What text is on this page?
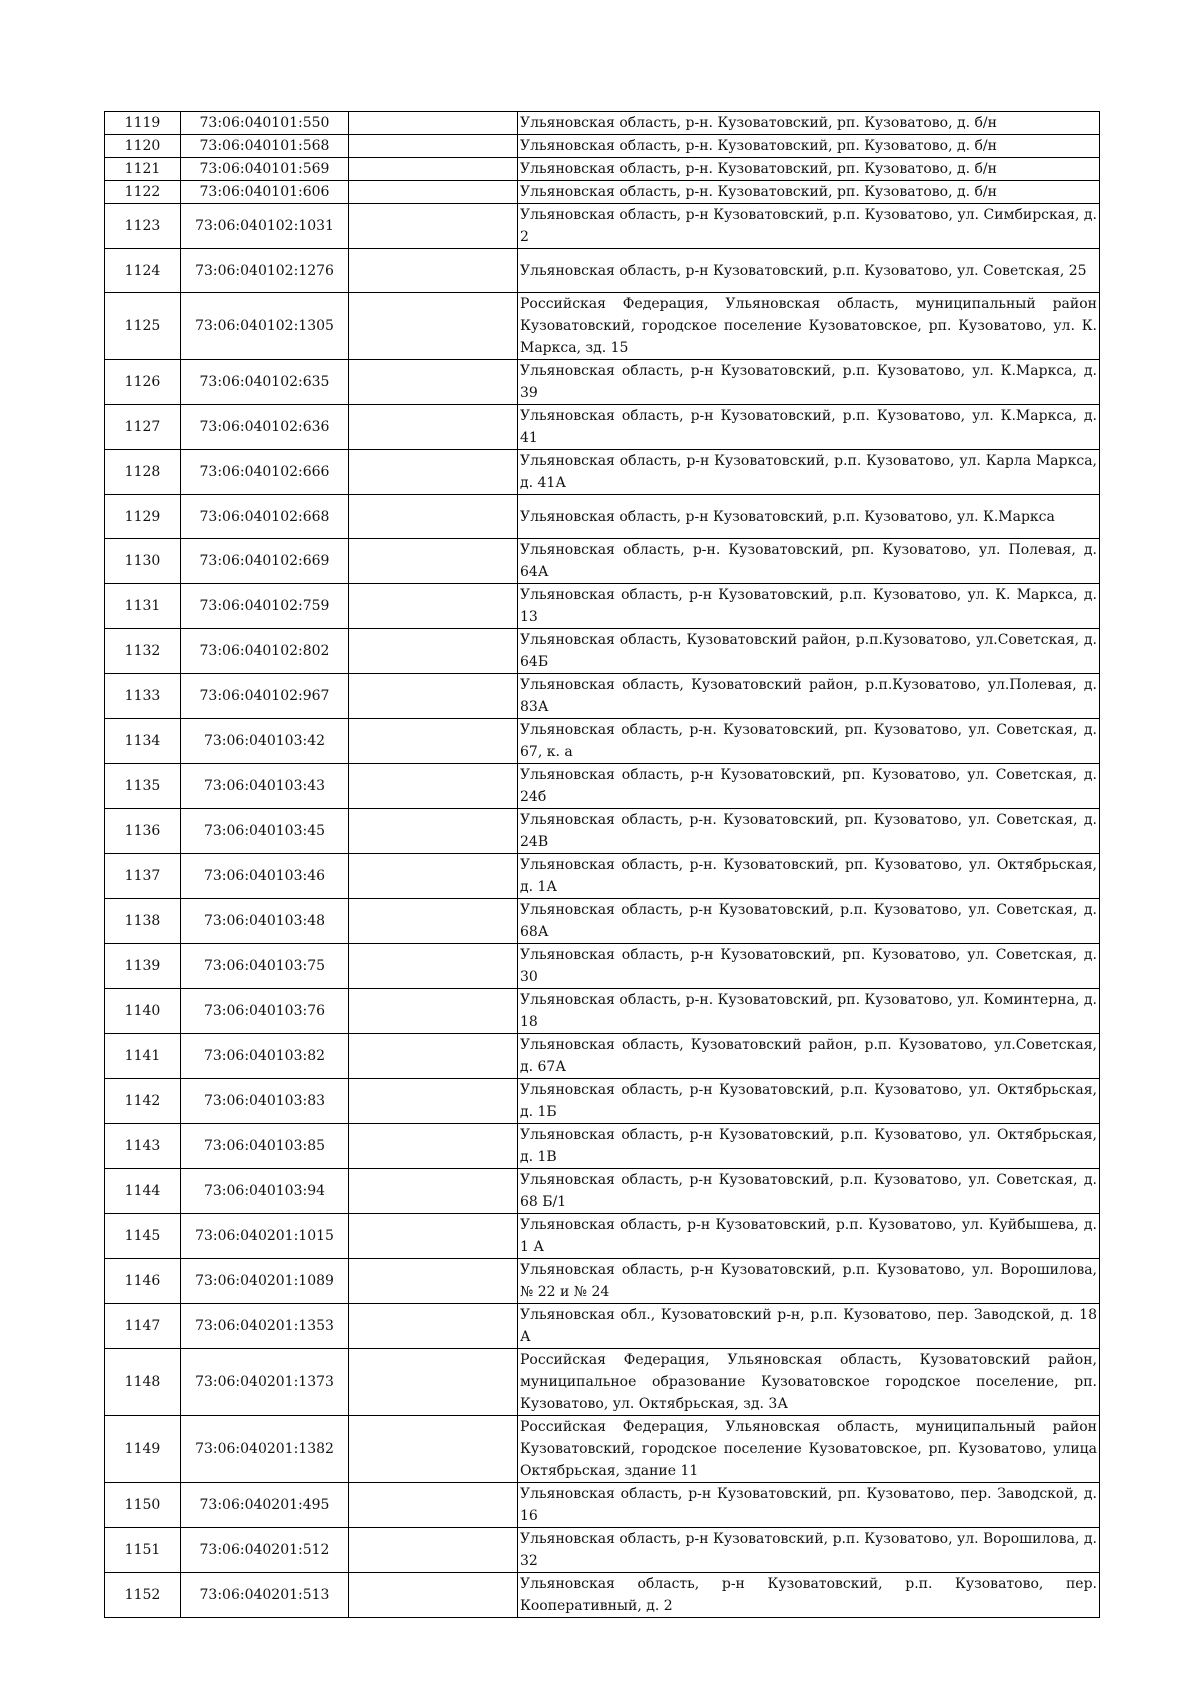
1119	73:06:040101:550		Ульяновская область, р-н. Кузоватовский, рп. Кузоватово, д. б/н
1120	73:06:040101:568		Ульяновская область, р-н. Кузоватовский, рп. Кузоватово, д. б/н
1121	73:06:040101:569		Ульяновская область, р-н. Кузоватовский, рп. Кузоватово, д. б/н
1122	73:06:040101:606		Ульяновская область, р-н. Кузоватовский, рп. Кузоватово, д. б/н
1123	73:06:040102:1031		Ульяновская область, р-н Кузоватовский, р.п. Кузоватово, ул. Симбирская, д. 2
1124	73:06:040102:1276		Ульяновская область, р-н Кузоватовский, р.п. Кузоватово, ул. Советская, 25
1125	73:06:040102:1305		Российская Федерация, Ульяновская область, муниципальный район Кузоватовский, городское поселение Кузоватовское, рп. Кузоватово, ул. К. Маркса, зд. 15
1126	73:06:040102:635		Ульяновская область, р-н Кузоватовский, р.п. Кузоватово, ул. К.Маркса, д. 39
1127	73:06:040102:636		Ульяновская область, р-н Кузоватовский, р.п. Кузоватово, ул. К.Маркса, д. 41
1128	73:06:040102:666		Ульяновская область, р-н Кузоватовский, р.п. Кузоватово, ул. Карла Маркса, д. 41А
1129	73:06:040102:668		Ульяновская область, р-н Кузоватовский, р.п. Кузоватово, ул. К.Маркса
1130	73:06:040102:669		Ульяновская область, р-н. Кузоватовский, рп. Кузоватово, ул. Полевая, д. 64А
1131	73:06:040102:759		Ульяновская область, р-н Кузоватовский, р.п. Кузоватово, ул. К. Маркса, д. 13
1132	73:06:040102:802		Ульяновская область, Кузоватовский район, р.п.Кузоватово, ул.Советская, д. 64Б
1133	73:06:040102:967		Ульяновская область, Кузоватовский район, р.п.Кузоватово, ул.Полевая, д. 83А
1134	73:06:040103:42		Ульяновская область, р-н. Кузоватовский, рп. Кузоватово, ул. Советская, д. 67, к. а
1135	73:06:040103:43		Ульяновская область, р-н Кузоватовский, рп. Кузоватово, ул. Советская, д. 24б
1136	73:06:040103:45		Ульяновская область, р-н. Кузоватовский, рп. Кузоватово, ул. Советская, д. 24В
1137	73:06:040103:46		Ульяновская область, р-н. Кузоватовский, рп. Кузоватово, ул. Октябрьская, д. 1А
1138	73:06:040103:48		Ульяновская область, р-н Кузоватовский, р.п. Кузоватово, ул. Советская, д. 68А
1139	73:06:040103:75		Ульяновская область, р-н Кузоватовский, рп. Кузоватово, ул. Советская, д. 30
1140	73:06:040103:76		Ульяновская область, р-н. Кузоватовский, рп. Кузоватово, ул. Коминтерна, д. 18
1141	73:06:040103:82		Ульяновская область, Кузоватовский район, р.п. Кузоватово, ул.Советская, д. 67А
1142	73:06:040103:83		Ульяновская область, р-н Кузоватовский, р.п. Кузоватово, ул. Октябрьская, д. 1Б
1143	73:06:040103:85		Ульяновская область, р-н Кузоватовский, р.п. Кузоватово, ул. Октябрьская, д. 1В
1144	73:06:040103:94		Ульяновская область, р-н Кузоватовский, р.п. Кузоватово, ул. Советская, д. 68 Б/1
1145	73:06:040201:1015		Ульяновская область, р-н Кузоватовский, р.п. Кузоватово, ул. Куйбышева, д. 1 А
1146	73:06:040201:1089		Ульяновская область, р-н Кузоватовский, р.п. Кузоватово, ул. Ворошилова, № 22 и № 24
1147	73:06:040201:1353		Ульяновская обл., Кузоватовский р-н, р.п. Кузоватово, пер. Заводской, д. 18 А
1148	73:06:040201:1373		Российская Федерация, Ульяновская область, Кузоватовский район, муниципальное образование Кузоватовское городское поселение, рп. Кузоватово, ул. Октябрьская, зд. 3А
1149	73:06:040201:1382		Российская Федерация, Ульяновская область, муниципальный район Кузоватовский, городское поселение Кузоватовское, рп. Кузоватово, улица Октябрьская, здание 11
1150	73:06:040201:495		Ульяновская область, р-н Кузоватовский, рп. Кузоватово, пер. Заводской, д. 16
1151	73:06:040201:512		Ульяновская область, р-н Кузоватовский, р.п. Кузоватово, ул. Ворошилова, д. 32
1152	73:06:040201:513		Ульяновская область, р-н Кузоватовский, р.п. Кузоватово, пер. Кооперативный, д. 2
